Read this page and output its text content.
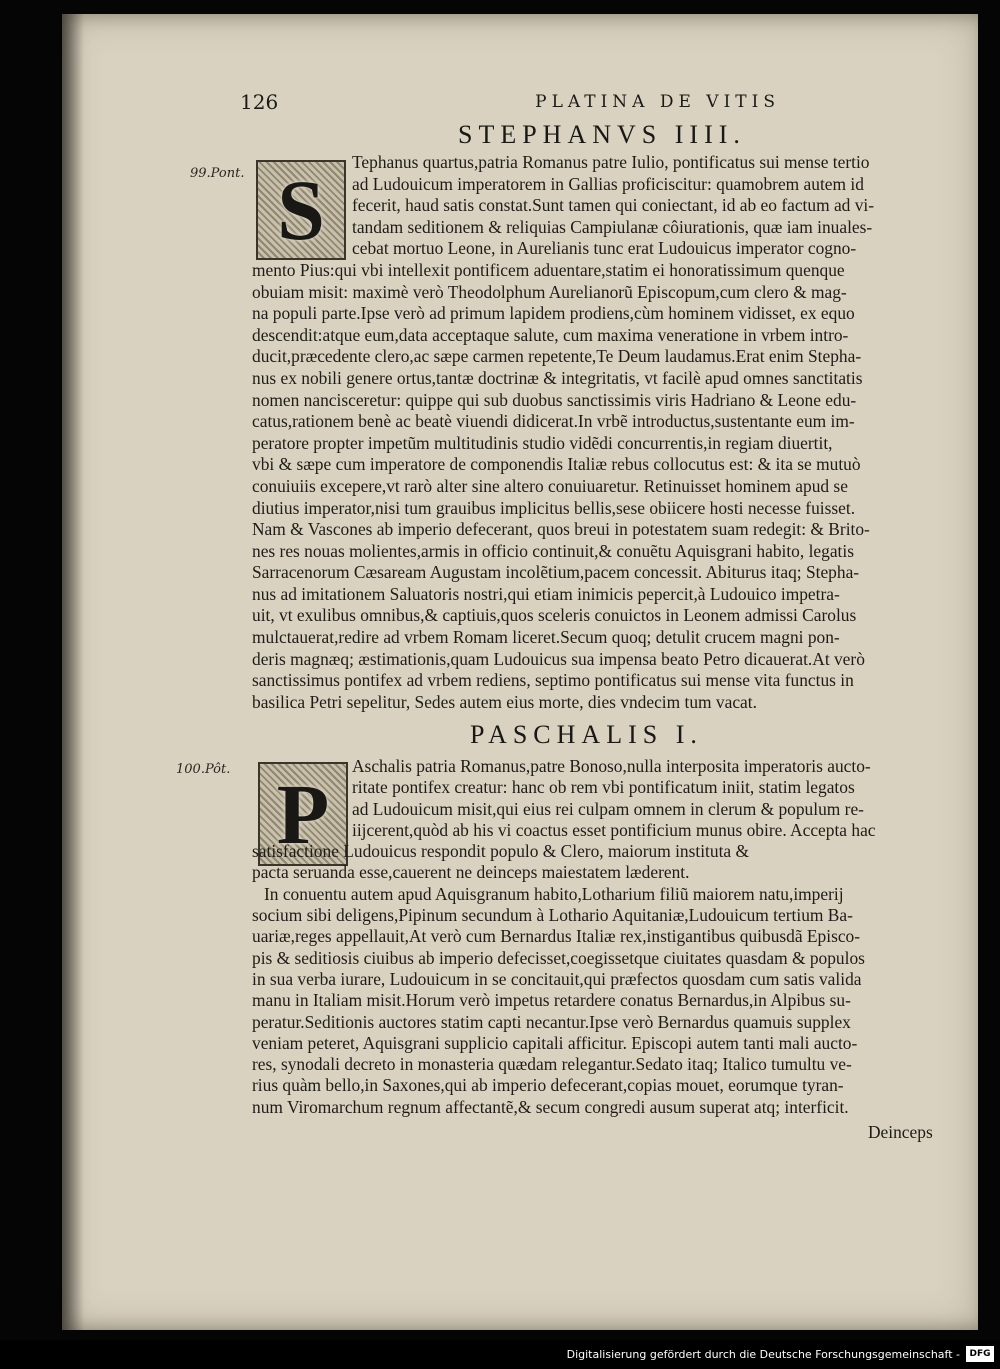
126	PLATINA DE VITIS
STEPHANVS IIII.
99.Pont. S	Tephanus quartus,patria Romanus patre Iulio, pontificatus sui mense tertio
ad Ludouicum imperatorem in Gallias proficiscitur: quamobrem autem id
fecerit, haud satis constat.Sunt tamen qui coniectant, id ab eo factum ad vi-
tandam seditionem & reliquias Campiulanæ côiurationis, quæ iam inuales-
cebat mortuo Leone, in Aurelianis tunc erat Ludouicus imperator cogno-
mento Pius:qui vbi intellexit pontificem aduentare,statim ei honoratissimum quenque
obuiam misit: maximè verò Theodolphum Aurelianorũ Episcopum,cum clero & mag-
na populi parte.Ipse verò ad primum lapidem prodiens,cùm hominem vidisset, ex equo
descendit:atque eum,data acceptaque salute, cum maxima veneratione in vrbem intro-
ducit,præcedente clero,ac sæpe carmen repetente,Te Deum laudamus.Erat enim Stepha-
nus ex nobili genere ortus,tantæ doctrinæ & integritatis, vt facilè apud omnes sanctitatis
nomen nancisceretur: quippe qui sub duobus sanctissimis viris Hadriano & Leone edu-
catus,rationem benè ac beatè viuendi didicerat.In vrbẽ introductus,sustentante eum im-
peratore propter impetũm multitudinis studio vidẽdi concurrentis,in regiam diuertit,
vbi & sæpe cum imperatore de componendis Italiæ rebus collocutus est: & ita se mutuò
conuiuiis excepere,vt rarò alter sine altero conuiuaretur. Retinuisset hominem apud se
diutius imperator,nisi tum grauibus implicitus bellis,sese obiicere hosti necesse fuisset.
Nam & Vascones ab imperio defecerant, quos breui in potestatem suam redegit: & Brito-
nes res nouas molientes,armis in officio continuit,& conuẽtu Aquisgrani habito, legatis
Sarracenorum Cæsaream Augustam incolẽtium,pacem concessit. Abiturus itaq; Stepha-
nus ad imitationem Saluatoris nostri,qui etiam inimicis pepercit,à Ludouico impetra-
uit, vt exulibus omnibus,& captiuis,quos sceleris conuictos in Leonem admissi Carolus
mulctauerat,redire ad vrbem Romam liceret.Secum quoq; detulit crucem magni pon-
deris magnæq; æstimationis,quam Ludouicus sua impensa beato Petro dicauerat.At verò
sanctissimus pontifex ad vrbem rediens, septimo pontificatus sui mense vita functus in
basilica Petri sepelitur, Sedes autem eius morte, dies vndecim tum vacat.
PASCHALIS I.
100.Pôt. P	Aschalis patria Romanus,patre Bonoso,nulla interposita imperatoris aucto-
ritate pontifex creatur: hanc ob rem vbi pontificatum iniit, statim legatos
ad Ludouicum misit,qui eius rei culpam omnem in clerum & populum re-
iijcerent,quòd ab his vi coactus esset pontificium munus obire. Accepta hac
satisfactione Ludouicus respondit populo & Clero, maiorum instituta &
pacta seruanda esse,cauerent ne deinceps maiestatem læderent.
In conuentu autem apud Aquisgranum habito,Lotharium filiũ maiorem natu,imperij
socium sibi deligens,Pipinum secundum à Lothario Aquitaniæ,Ludouicum tertium Ba-
uariæ,reges appellauit,At verò cum Bernardus Italiæ rex,instigantibus quibusdã Episco-
pis & seditiosis ciuibus ab imperio defecisset,coegissetque ciuitates quasdam & populos
in sua verba iurare, Ludouicum in se concitauit,qui præfectos quosdam cum satis valida
manu in Italiam misit.Horum verò impetus retardere conatus Bernardus,in Alpibus su-
peratur.Seditionis auctores statim capti necantur.Ipse verò Bernardus quamuis supplex
veniam peteret, Aquisgrani supplicio capitali afficitur. Episcopi autem tanti mali aucto-
res, synodali decreto in monasteria quædam relegantur.Sedato itaq; Italico tumultu ve-
rius quàm bello,in Saxones,qui ab imperio defecerant,copias mouet, eorumque tyran-
num Viromarchum regnum affectantẽ,& secum congredi ausum superat atq; interficit.
Deinceps
Digitalisierung gefördert durch die Deutsche Forschungsgemeinschaft -	DFG
